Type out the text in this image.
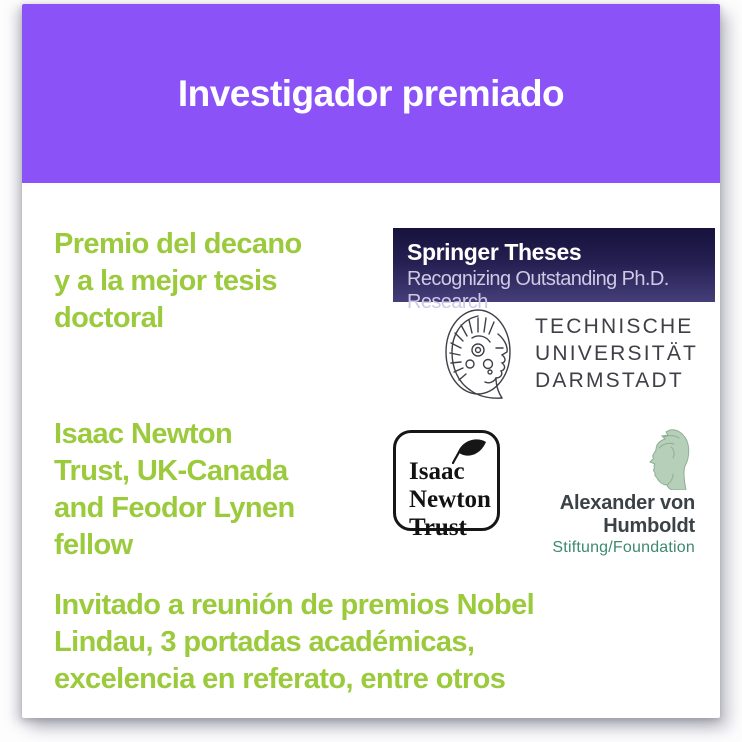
Investigador premiado
Premio del decano
y a la mejor tesis
doctoral
Springer Theses
Recognizing Outstanding Ph.D. Research
TECHNISCHE
UNIVERSITÄT
DARMSTADT
Isaac Newton
Trust, UK-Canada
and Feodor Lynen
fellow
Isaac
Newton
Trust
Alexander von Humboldt
Stiftung/Foundation
Invitado a reunión de premios Nobel
Lindau, 3 portadas académicas,
excelencia en referato, entre otros
